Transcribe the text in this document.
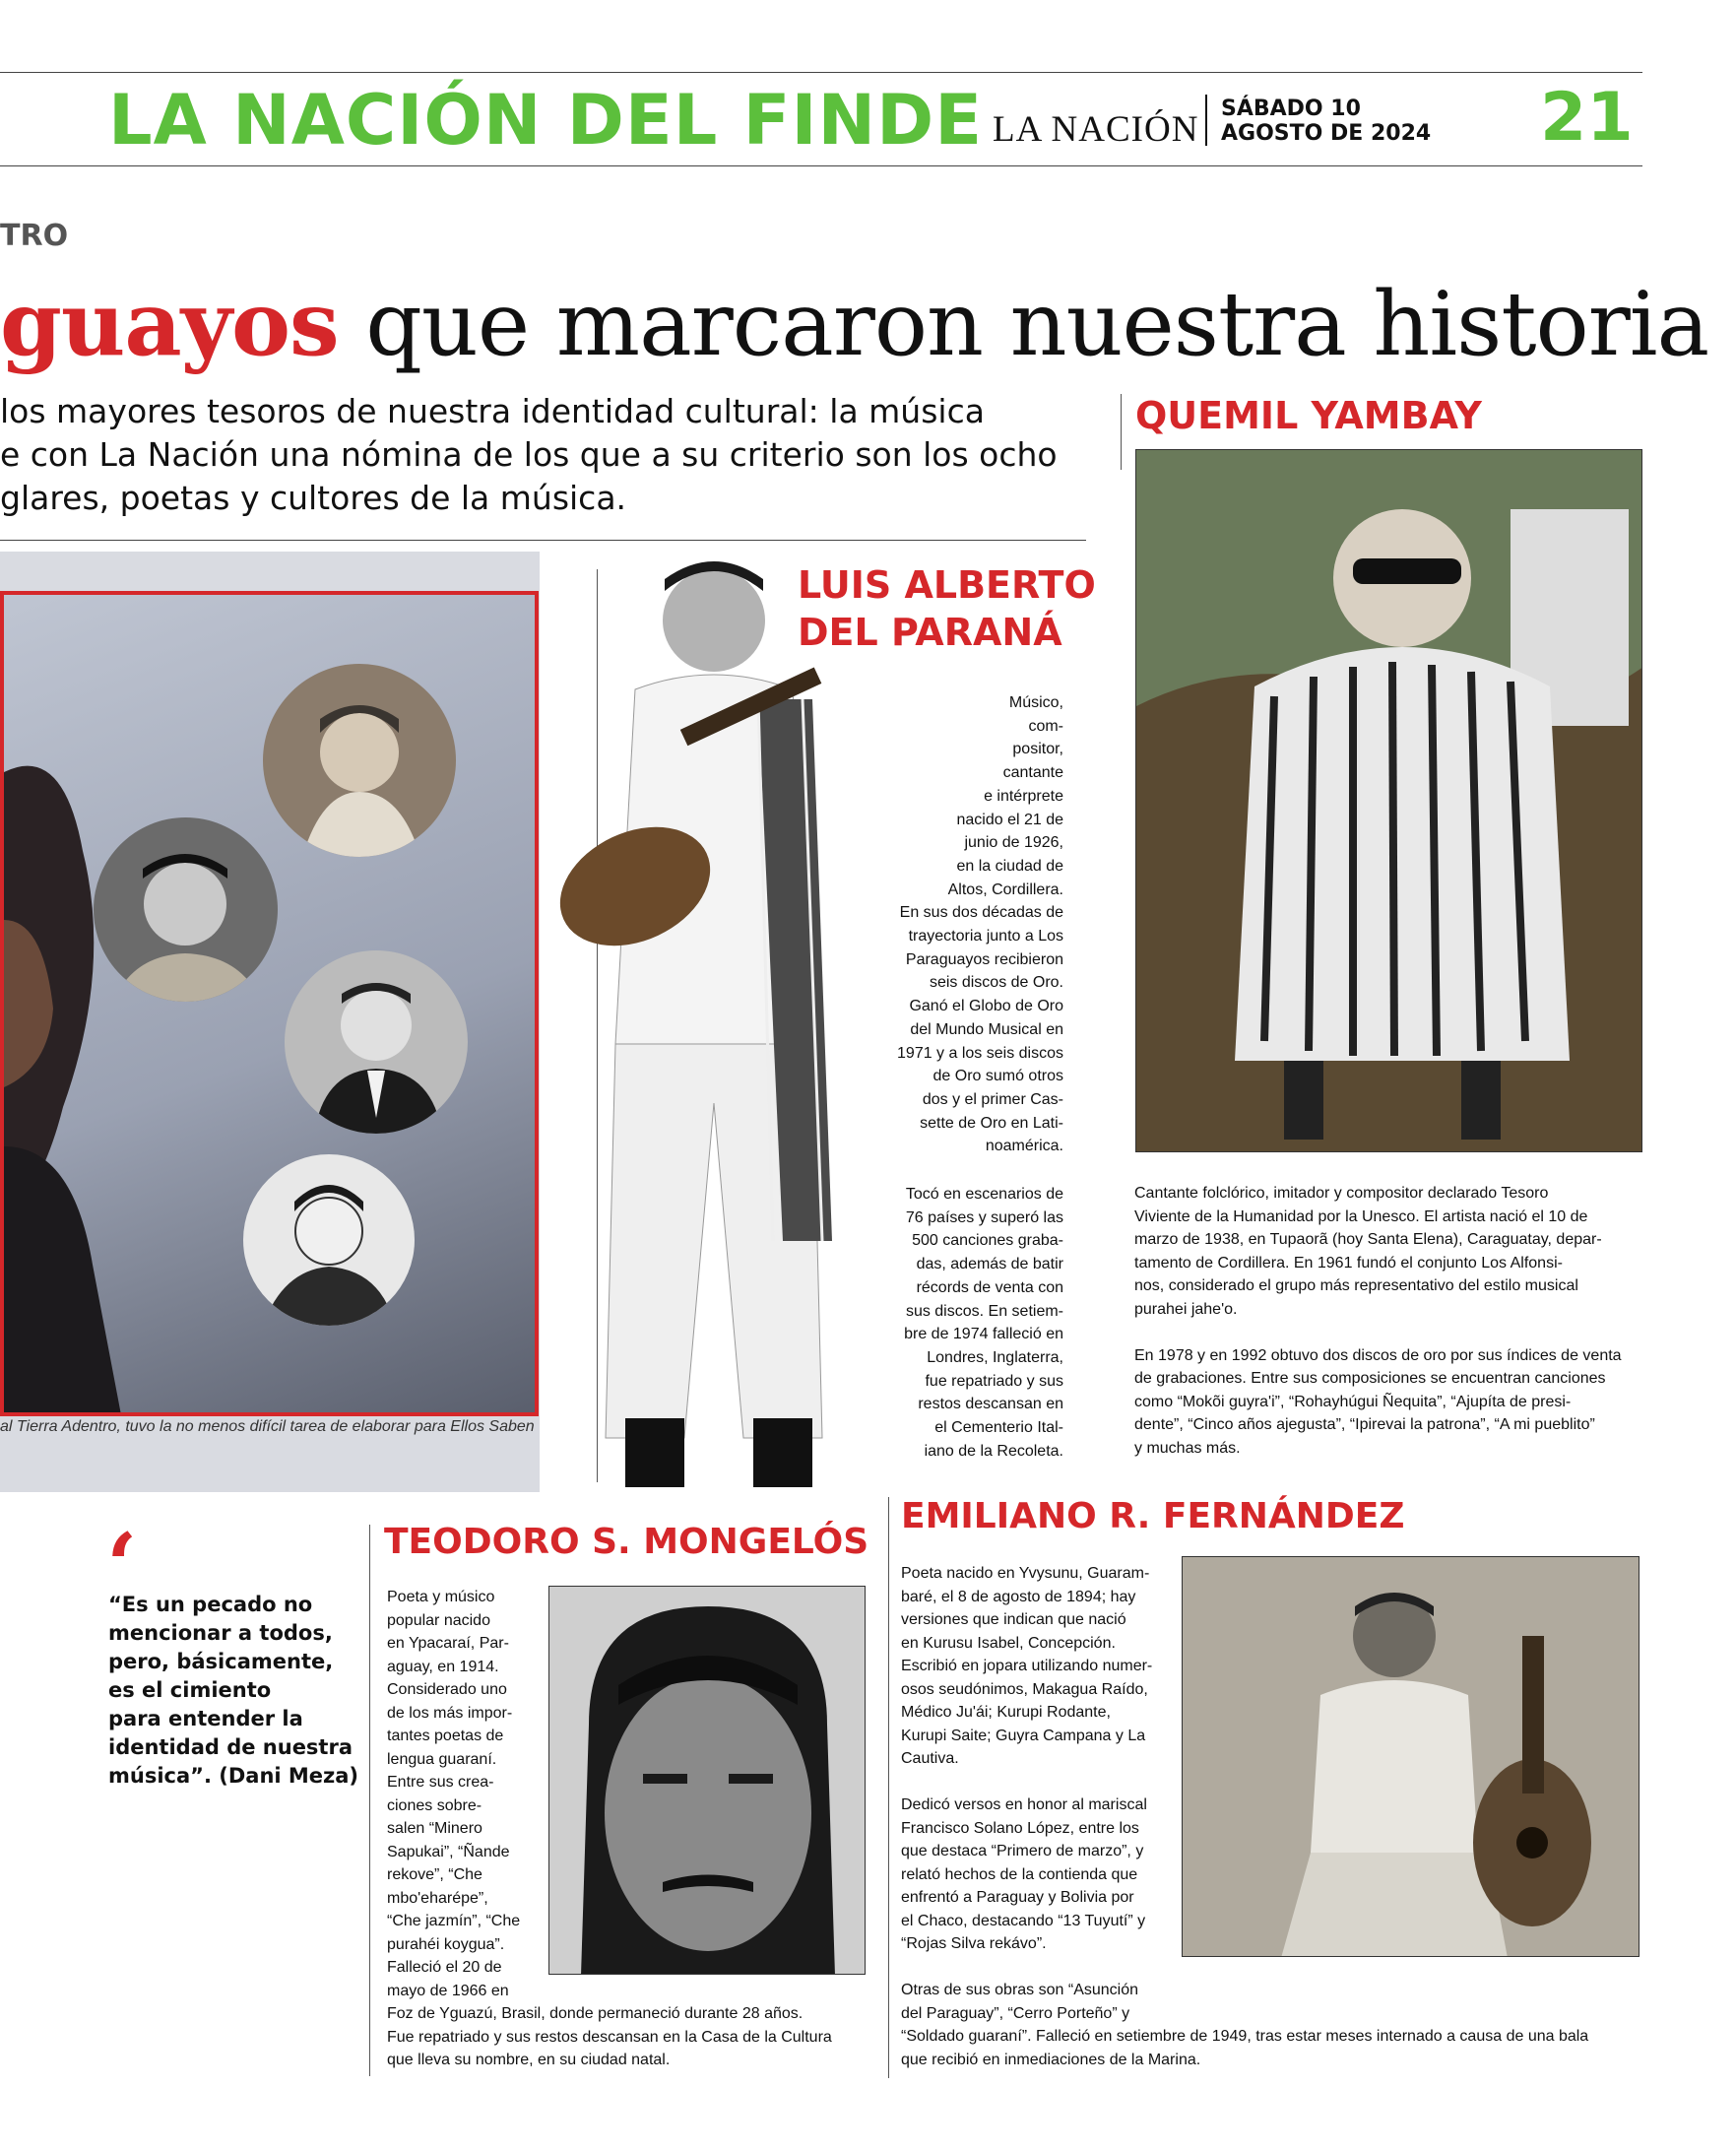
LA NACIÓN DEL FINDE LA NACIÓN
SÁBADO 10
AGOSTO DE 2024 21
TRO
guayos que marcaron nuestra historia
los mayores tesoros de nuestra identidad cultural: la música
e con La Nación una nómina de los que a su criterio son los ocho
glares, poetas y cultores de la música.
al Tierra Adentro, tuvo la no menos difícil tarea de elaborar para Ellos Saben
LUIS ALBERTO
DEL PARANÁ
Músico,
com-
positor,
cantante
e intérprete
nacido el 21 de
junio de 1926,
en la ciudad de
Altos, Cordillera.
En sus dos décadas de
trayectoria junto a Los
Paraguayos recibieron
seis discos de Oro.
Ganó el Globo de Oro
del Mundo Musical en
1971 y a los seis discos
de Oro sumó otros
dos y el primer Cas-
sette de Oro en Lati-
noamérica.
Tocó en escenarios de
76 países y superó las
500 canciones graba-
das, además de batir
récords de venta con
sus discos. En setiem-
bre de 1974 falleció en
Londres, Inglaterra,
fue repatriado y sus
restos descansan en
el Cementerio Ital-
iano de la Recoleta.
QUEMIL YAMBAY
Cantante folclórico, imitador y compositor declarado Tesoro
Viviente de la Humanidad por la Unesco. El artista nació el 10 de
marzo de 1938, en Tupaorã (hoy Santa Elena), Caraguatay, depar-
tamento de Cordillera. En 1961 fundó el conjunto Los Alfonsi-
nos, considerado el grupo más representativo del estilo musical
purahei jahe'o.
En 1978 y en 1992 obtuvo dos discos de oro por sus índices de venta
de grabaciones. Entre sus composiciones se encuentran canciones
como “Mokõi guyra'i”, “Rohayhúgui Ñequita”, “Ajupíta de presi-
dente”, “Cinco años ajegusta”, “Ipirevai la patrona”, “A mi pueblito”
y muchas más.
‘
“Es un pecado no
mencionar a todos,
pero, básicamente,
es el cimiento
para entender la
identidad de nuestra
música”. (Dani Meza)
TEODORO S. MONGELÓS
Poeta y músico
popular nacido
en Ypacaraí, Par-
aguay, en 1914.
Considerado uno
de los más impor-
tantes poetas de
lengua guaraní.
Entre sus crea-
ciones sobre-
salen “Minero
Sapukai”, “Ñande
rekove”, “Che
mbo'eharépe”,
“Che jazmín”, “Che
purahéi koygua”.
Falleció el 20 de
mayo de 1966 en
Foz de Yguazú, Brasil, donde permaneció durante 28 años.
Fue repatriado y sus restos descansan en la Casa de la Cultura
que lleva su nombre, en su ciudad natal.
EMILIANO R. FERNÁNDEZ
Poeta nacido en Yvysunu, Guaram-
baré, el 8 de agosto de 1894; hay
versiones que indican que nació
en Kurusu Isabel, Concepción.
Escribió en jopara utilizando numer-
osos seudónimos, Makagua Raído,
Médico Ju'ái; Kurupi Rodante,
Kurupi Saite; Guyra Campana y La
Cautiva.
Dedicó versos en honor al mariscal
Francisco Solano López, entre los
que destaca “Primero de marzo”, y
relató hechos de la contienda que
enfrentó a Paraguay y Bolivia por
el Chaco, destacando “13 Tuyutí” y
“Rojas Silva rekávo”.
Otras de sus obras son “Asunción
del Paraguay”, “Cerro Porteño” y
“Soldado guaraní”. Falleció en setiembre de 1949, tras estar meses internado a causa de una bala
que recibió en inmediaciones de la Marina.
